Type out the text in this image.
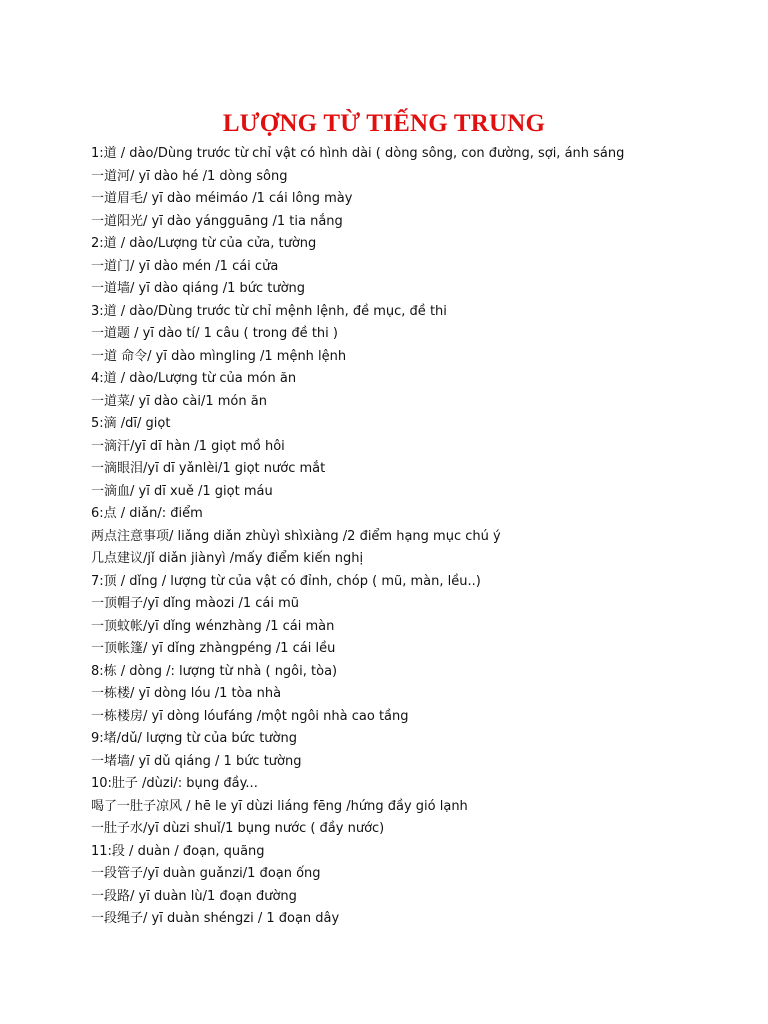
LƯỢNG TỪ TIẾNG TRUNG
1:道 / dào/Dùng trước từ chỉ vật có hình dài ( dòng sông, con đường, sợi, ánh sáng
一道河/ yī dào hé /1 dòng sông
一道眉毛/ yī dào méimáo /1 cái lông mày
一道阳光/ yī dào yángguāng /1 tia nắng
2:道 / dào/Lượng từ của cửa, tường
一道门/ yī dào mén /1 cái cửa
一道墙/ yī dào qiáng /1 bức tường
3:道 / dào/Dùng trước từ chỉ mệnh lệnh, đề mục, đề thi
一道题 / yī dào tí/ 1 câu ( trong đề thi )
一道 命令/ yī dào mìngling /1 mệnh lệnh
4:道 / dào/Lượng từ của món ăn
一道菜/ yī dào cài/1 món ăn
5:滴 /dī/ giọt
一滴汗/yī dī hàn /1 giọt mồ hôi
一滴眼泪/yī dī yǎnlèi/1 giọt nước mắt
一滴血/ yī dī xuě /1 giọt máu
6:点 / diǎn/: điểm
两点注意事项/ liǎng diǎn zhùyì shìxiàng /2 điểm hạng mục chú ý
几点建议/jǐ diǎn jiànyì /mấy điểm kiến nghị
7:顶 / dǐng / lượng từ của vật có đỉnh, chóp ( mũ, màn, lều..)
一顶帽子/yī dǐng màozi /1 cái mũ
一顶蚊帐/yī dǐng wénzhàng /1 cái màn
一顶帐篷/ yī dǐng zhàngpéng /1 cái lều
8:栋 / dòng /: lượng từ nhà ( ngôi, tòa)
一栋楼/ yī dòng lóu /1 tòa nhà
一栋楼房/ yī dòng lóufáng /một ngôi nhà cao tầng
9:堵/dǔ/ lượng từ của bức tường
一堵墙/ yī dǔ qiáng / 1 bức tường
10:肚子 /dùzi/: bụng đầy...
喝了一肚子凉风 / hē le yī dùzi liáng fēng /hứng đầy gió lạnh
一肚子水/yī dùzi shuǐ/1 bụng nước ( đầy nước)
11:段 / duàn / đoạn, quãng
一段管子/yī duàn guǎnzi/1 đoạn ống
一段路/ yī duàn lù/1 đoạn đường
一段绳子/ yī duàn shéngzi / 1 đoạn dây
